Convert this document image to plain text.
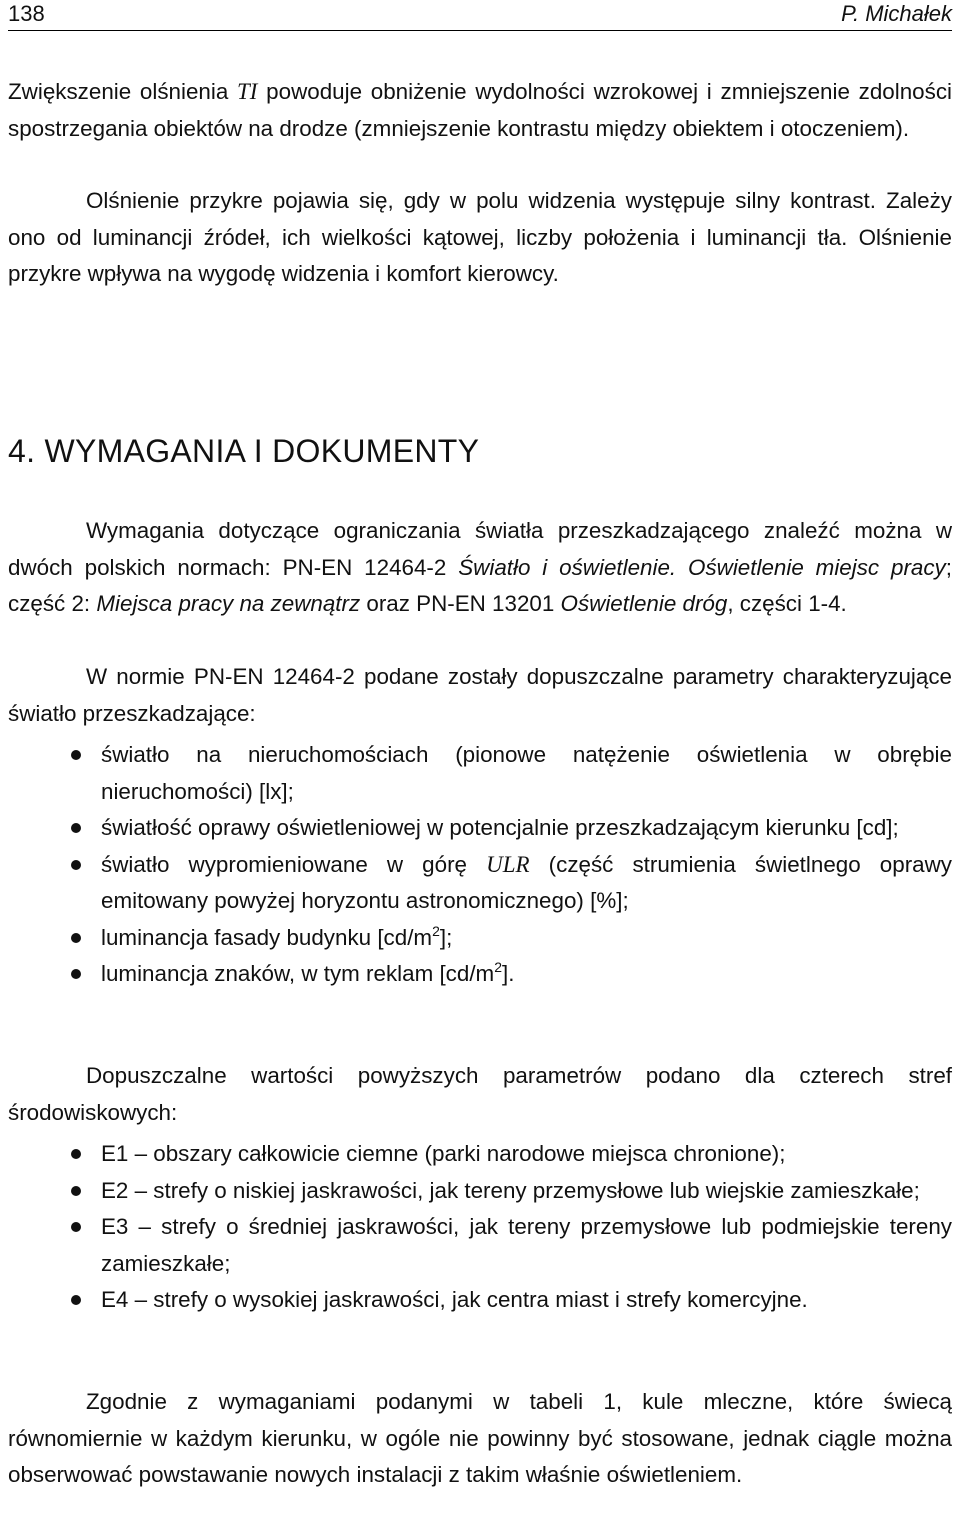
138	P. Michałek

Zwiększenie olśnienia TI powoduje obniżenie wydolności wzrokowej i zmniejszenie zdolności spostrzegania obiektów na drodze (zmniejszenie kontrastu między obiektem i otoczeniem).

Olśnienie przykre pojawia się, gdy w polu widzenia występuje silny kontrast. Zależy ono od luminancji źródeł, ich wielkości kątowej, liczby położenia i luminancji tła. Olśnienie przykre wpływa na wygodę widzenia i komfort kierowcy.

4. WYMAGANIA I DOKUMENTY

Wymagania dotyczące ograniczania światła przeszkadzającego znaleźć można w dwóch polskich normach: PN-EN 12464-2 Światło i oświetlenie. Oświetlenie miejsc pracy; część 2: Miejsca pracy na zewnątrz oraz PN-EN 13201 Oświetlenie dróg, części 1-4.

W normie PN-EN 12464-2 podane zostały dopuszczalne parametry charakteryzujące światło przeszkadzające:

światło na nieruchomościach (pionowe natężenie oświetlenia w obrębie nieruchomości) [lx];
światłość oprawy oświetleniowej w potencjalnie przeszkadzającym kierunku [cd];
światło wypromieniowane w górę ULR (część strumienia świetlnego oprawy emitowany powyżej horyzontu astronomicznego) [%];
luminancja fasady budynku $[cd/m^2]$;
luminancja znaków, w tym reklam $[cd/m^2]$.

Dopuszczalne wartości powyższych parametrów podano dla czterech stref środowiskowych:

E1 – obszary całkowicie ciemne (parki narodowe miejsca chronione);
E2 – strefy o niskiej jaskrawości, jak tereny przemysłowe lub wiejskie zamieszkałe;
E3 – strefy o średniej jaskrawości, jak tereny przemysłowe lub podmiejskie tereny zamieszkałe;
E4 – strefy o wysokiej jaskrawości, jak centra miast i strefy komercyjne.

Zgodnie z wymaganiami podanymi w tabeli 1, kule mleczne, które świecą równomiernie w każdym kierunku, w ogóle nie powinny być stosowane, jednak ciągle można obserwować powstawanie nowych instalacji z takim właśnie oświetleniem.
